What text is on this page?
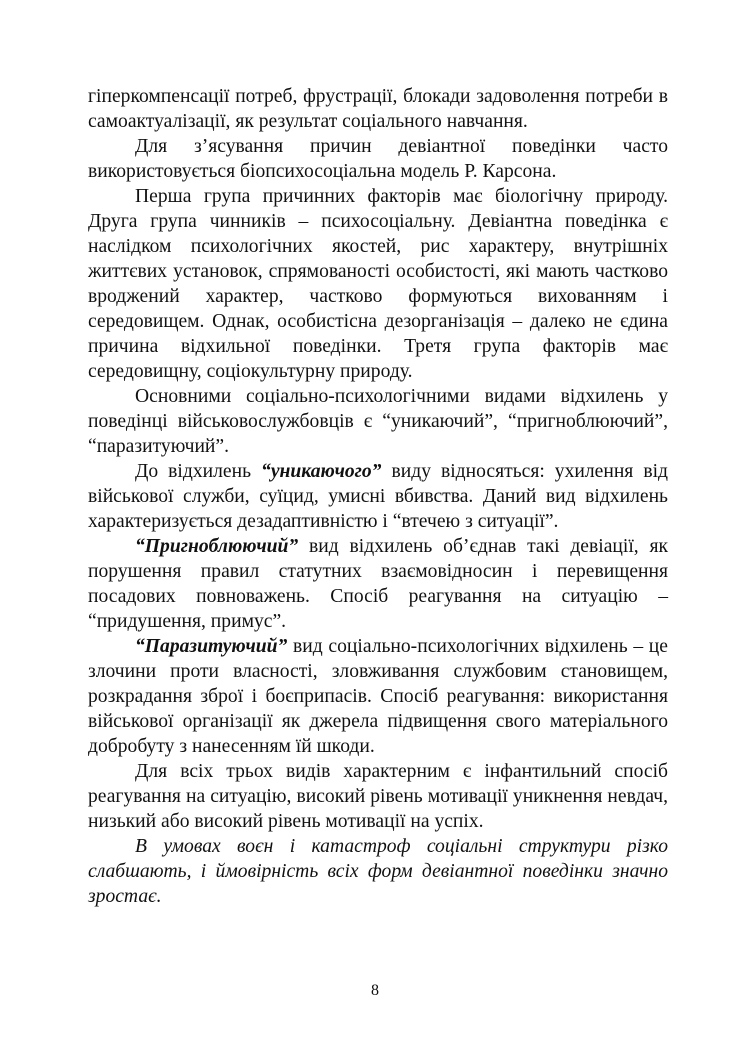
гіперкомпенсації потреб, фрустрації, блокади задоволення потреби в самоактуалізації, як результат соціального навчання.

Для з’ясування причин девіантної поведінки часто використовується біопсихосоціальна модель Р. Карсона.

Перша група причинних факторів має біологічну природу. Друга група чинників – психосоціальну. Девіантна поведінка є наслідком психологічних якостей, рис характеру, внутрішніх життєвих установок, спрямованості особистості, які мають частково вроджений характер, частково формуються вихованням і середовищем. Однак, особистісна дезорганізація – далеко не єдина причина відхильної поведінки. Третя група факторів має середовищну, соціокультурну природу.

Основними соціально-психологічними видами відхилень у поведінці військовослужбовців є “уникаючий”, “пригноблюючий”, “паразитуючий”.

До відхилень “уникаючого” виду відносяться: ухилення від військової служби, суїцид, умисні вбивства. Даний вид відхилень характеризується дезадаптивністю і “втечею з ситуації”.

“Пригноблюючий” вид відхилень об’єднав такі девіації, як порушення правил статутних взаємовідносин і перевищення посадових повноважень. Спосіб реагування на ситуацію – “придушення, примус”.

“Паразитуючий” вид соціально-психологічних відхилень – це злочини проти власності, зловживання службовим становищем, розкрадання зброї і боєприпасів. Спосіб реагування: використання військової організації як джерела підвищення свого матеріального добробуту з нанесенням їй шкоди.

Для всіх трьох видів характерним є інфантильний спосіб реагування на ситуацію, високий рівень мотивації уникнення невдач, низький або високий рівень мотивації на успіх.

В умовах воєн і катастроф соціальні структури різко слабшають, і ймовірність всіх форм девіантної поведінки значно зростає.

8
